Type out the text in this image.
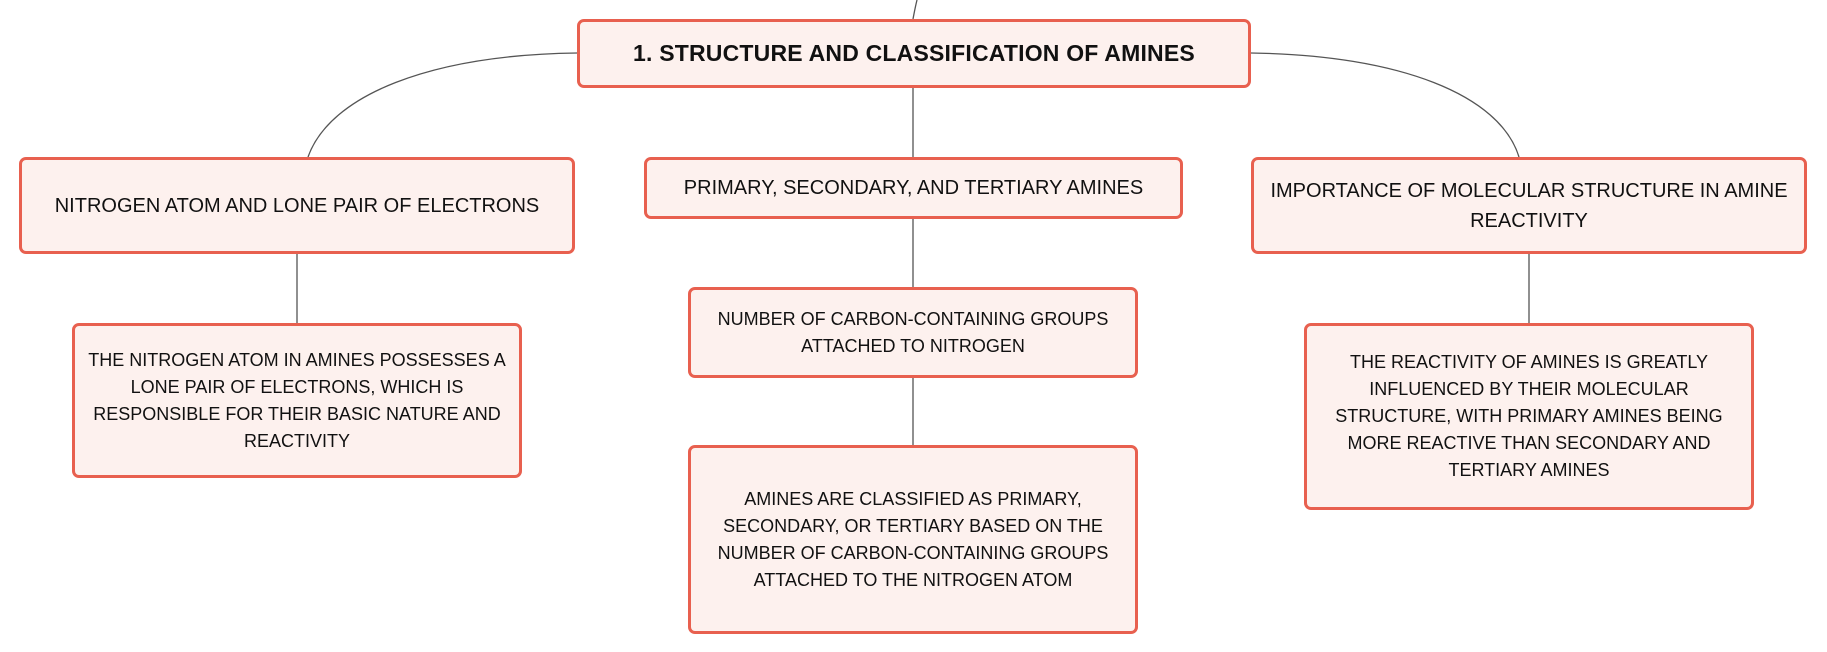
1. STRUCTURE AND CLASSIFICATION OF AMINES
NITROGEN ATOM AND LONE PAIR OF ELECTRONS
PRIMARY, SECONDARY, AND TERTIARY AMINES	IMPORTANCE OF MOLECULAR STRUCTURE IN AMINE REACTIVITY
THE NITROGEN ATOM IN AMINES POSSESSES A LONE PAIR OF ELECTRONS, WHICH IS RESPONSIBLE FOR THEIR BASIC NATURE AND REACTIVITY
NUMBER OF CARBON-CONTAINING GROUPS ATTACHED TO NITROGEN
AMINES ARE CLASSIFIED AS PRIMARY, SECONDARY, OR TERTIARY BASED ON THE NUMBER OF CARBON-CONTAINING GROUPS ATTACHED TO THE NITROGEN ATOM
THE REACTIVITY OF AMINES IS GREATLY INFLUENCED BY THEIR MOLECULAR STRUCTURE, WITH PRIMARY AMINES BEING MORE REACTIVE THAN SECONDARY AND TERTIARY AMINES
